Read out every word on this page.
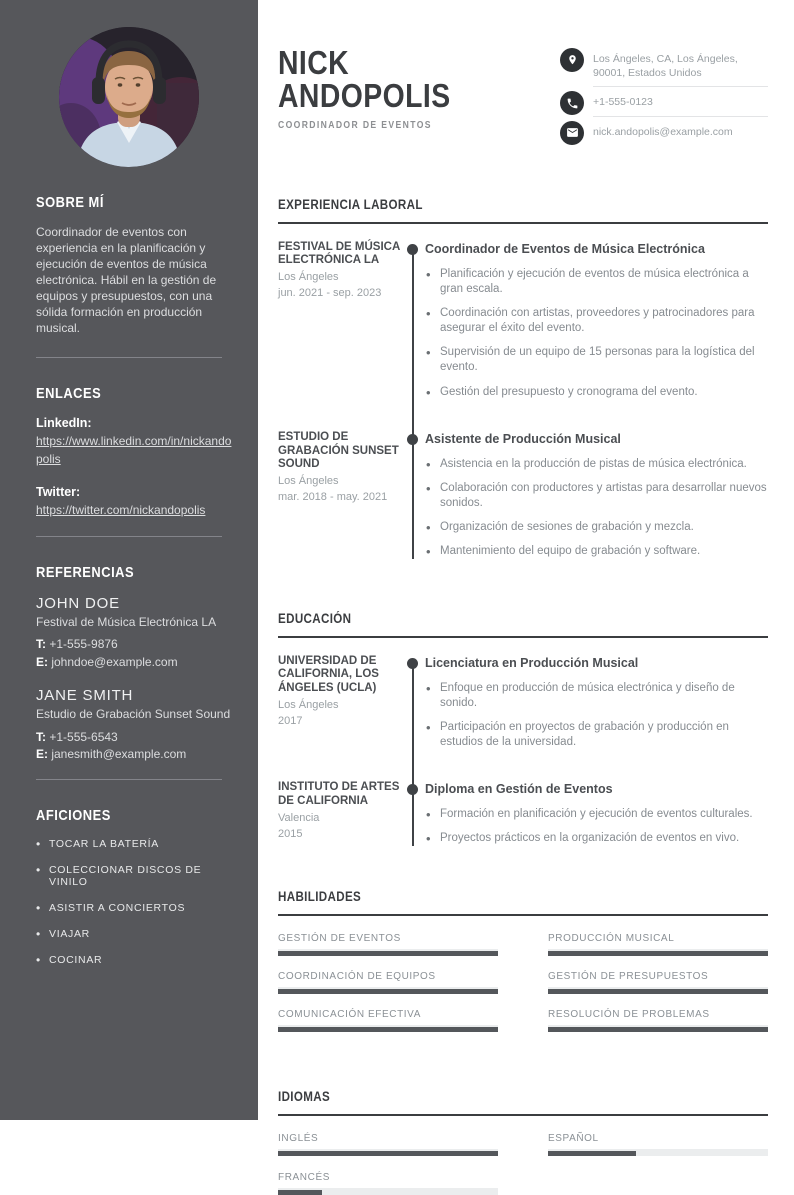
SOBRE MÍ

Coordinador de eventos con experiencia en la planificación y ejecución de eventos de música electrónica. Hábil en la gestión de equipos y presupuestos, con una sólida formación en producción musical.

ENLACES
LinkedIn:
https://www.linkedin.com/in/nickandopolis
Twitter:
https://twitter.com/nickandopolis
REFERENCIAS
JOHN DOE
Festival de Música Electrónica LA
T: +1-555-9876
E: johndoe@example.com
JANE SMITH
Estudio de Grabación Sunset Sound
T: +1-555-6543
E: janesmith@example.com
AFICIONES
• TOCAR LA BATERÍA
• COLECCIONAR DISCOS DE VINILO
• ASISTIR A CONCIERTOS
• VIAJAR
• COCINAR
NICK
ANDOPOLIS
COORDINADOR DE EVENTOS
Los Ángeles, CA, Los Ángeles, 90001, Estados Unidos
+1-555-0123
nick.andopolis@example.com
EXPERIENCIA LABORAL
FESTIVAL DE MÚSICA ELECTRÓNICA LA
Los Ángeles
jun. 2021 - sep. 2023
Coordinador de Eventos de Música Electrónica
• Planificación y ejecución de eventos de música electrónica a gran escala.
• Coordinación con artistas, proveedores y patrocinadores para asegurar el éxito del evento.
• Supervisión de un equipo de 15 personas para la logística del evento.
• Gestión del presupuesto y cronograma del evento.
ESTUDIO DE GRABACIÓN SUNSET SOUND
Los Ángeles
mar. 2018 - may. 2021
Asistente de Producción Musical
• Asistencia en la producción de pistas de música electrónica.
• Colaboración con productores y artistas para desarrollar nuevos sonidos.
• Organización de sesiones de grabación y mezcla.
• Mantenimiento del equipo de grabación y software.
EDUCACIÓN
UNIVERSIDAD DE CALIFORNIA, LOS ÁNGELES (UCLA)
Los Ángeles
2017
Licenciatura en Producción Musical
• Enfoque en producción de música electrónica y diseño de sonido.
• Participación en proyectos de grabación y producción en estudios de la universidad.
INSTITUTO DE ARTES DE CALIFORNIA
Valencia
2015
Diploma en Gestión de Eventos
• Formación en planificación y ejecución de eventos culturales.
• Proyectos prácticos en la organización de eventos en vivo.
HABILIDADES
GESTIÓN DE EVENTOS
COORDINACIÓN DE EQUIPOS
COMUNICACIÓN EFECTIVA
PRODUCCIÓN MUSICAL
GESTIÓN DE PRESUPUESTOS
RESOLUCIÓN DE PROBLEMAS
IDIOMAS
INGLÉS	ESPAÑOL
FRANCÉS
